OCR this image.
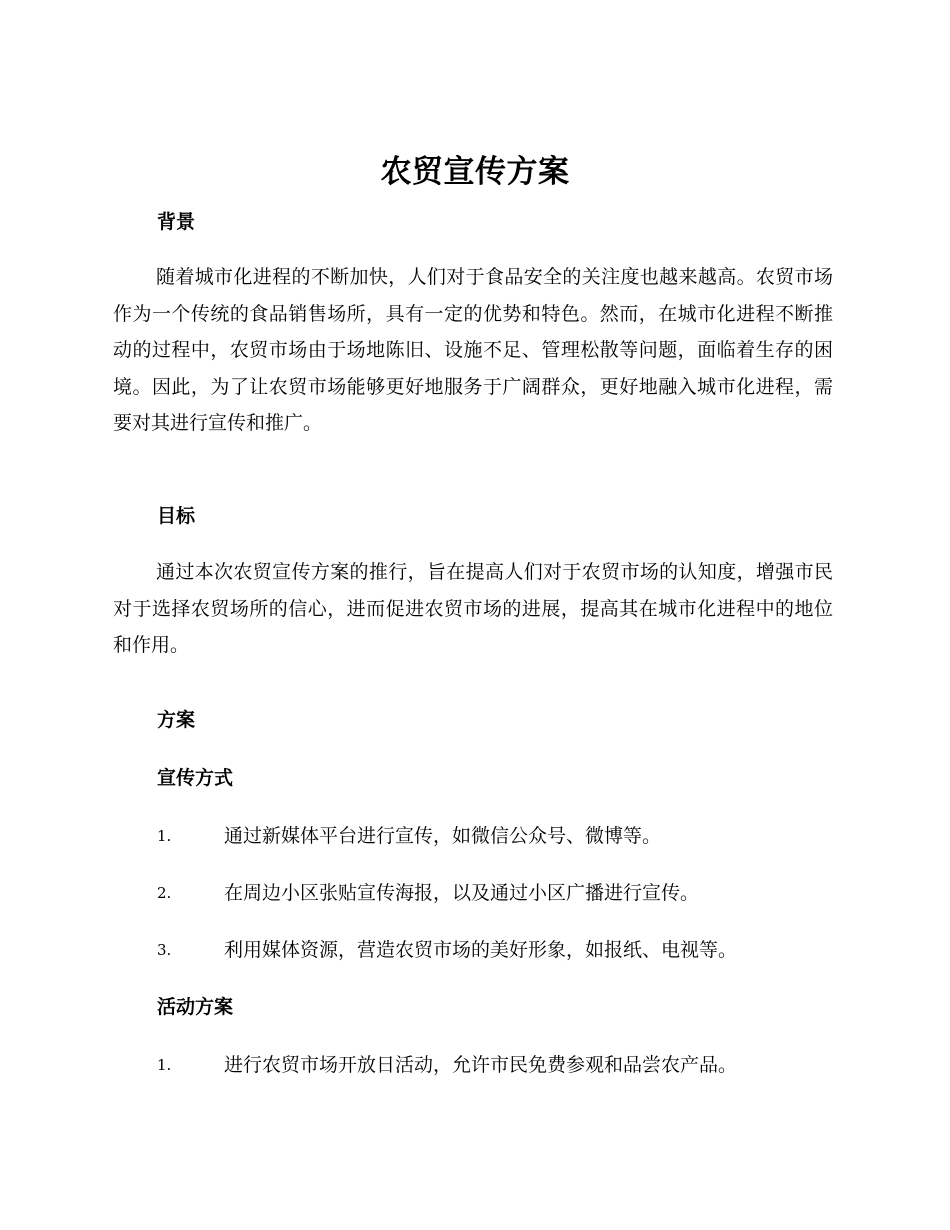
农贸宣传方案
背景

随着城市化进程的不断加快，人们对于食品安全的关注度也越来越高。农贸市场作为一个传统的食品销售场所，具有一定的优势和特色。然而，在城市化进程不断推动的过程中，农贸市场由于场地陈旧、设施不足、管理松散等问题，面临着生存的困境。因此，为了让农贸市场能够更好地服务于广阔群众，更好地融入城市化进程，需要对其进行宣传和推广。

目标

通过本次农贸宣传方案的推行，旨在提高人们对于农贸市场的认知度，增强市民对于选择农贸场所的信心，进而促进农贸市场的进展，提高其在城市化进程中的地位和作用。

方案
宣传方式
1.	通过新媒体平台进行宣传，如微信公众号、微博等。
2.	在周边小区张贴宣传海报，以及通过小区广播进行宣传。
3.	利用媒体资源，营造农贸市场的美好形象，如报纸、电视等。
活动方案
1.	进行农贸市场开放日活动，允许市民免费参观和品尝农产品。
